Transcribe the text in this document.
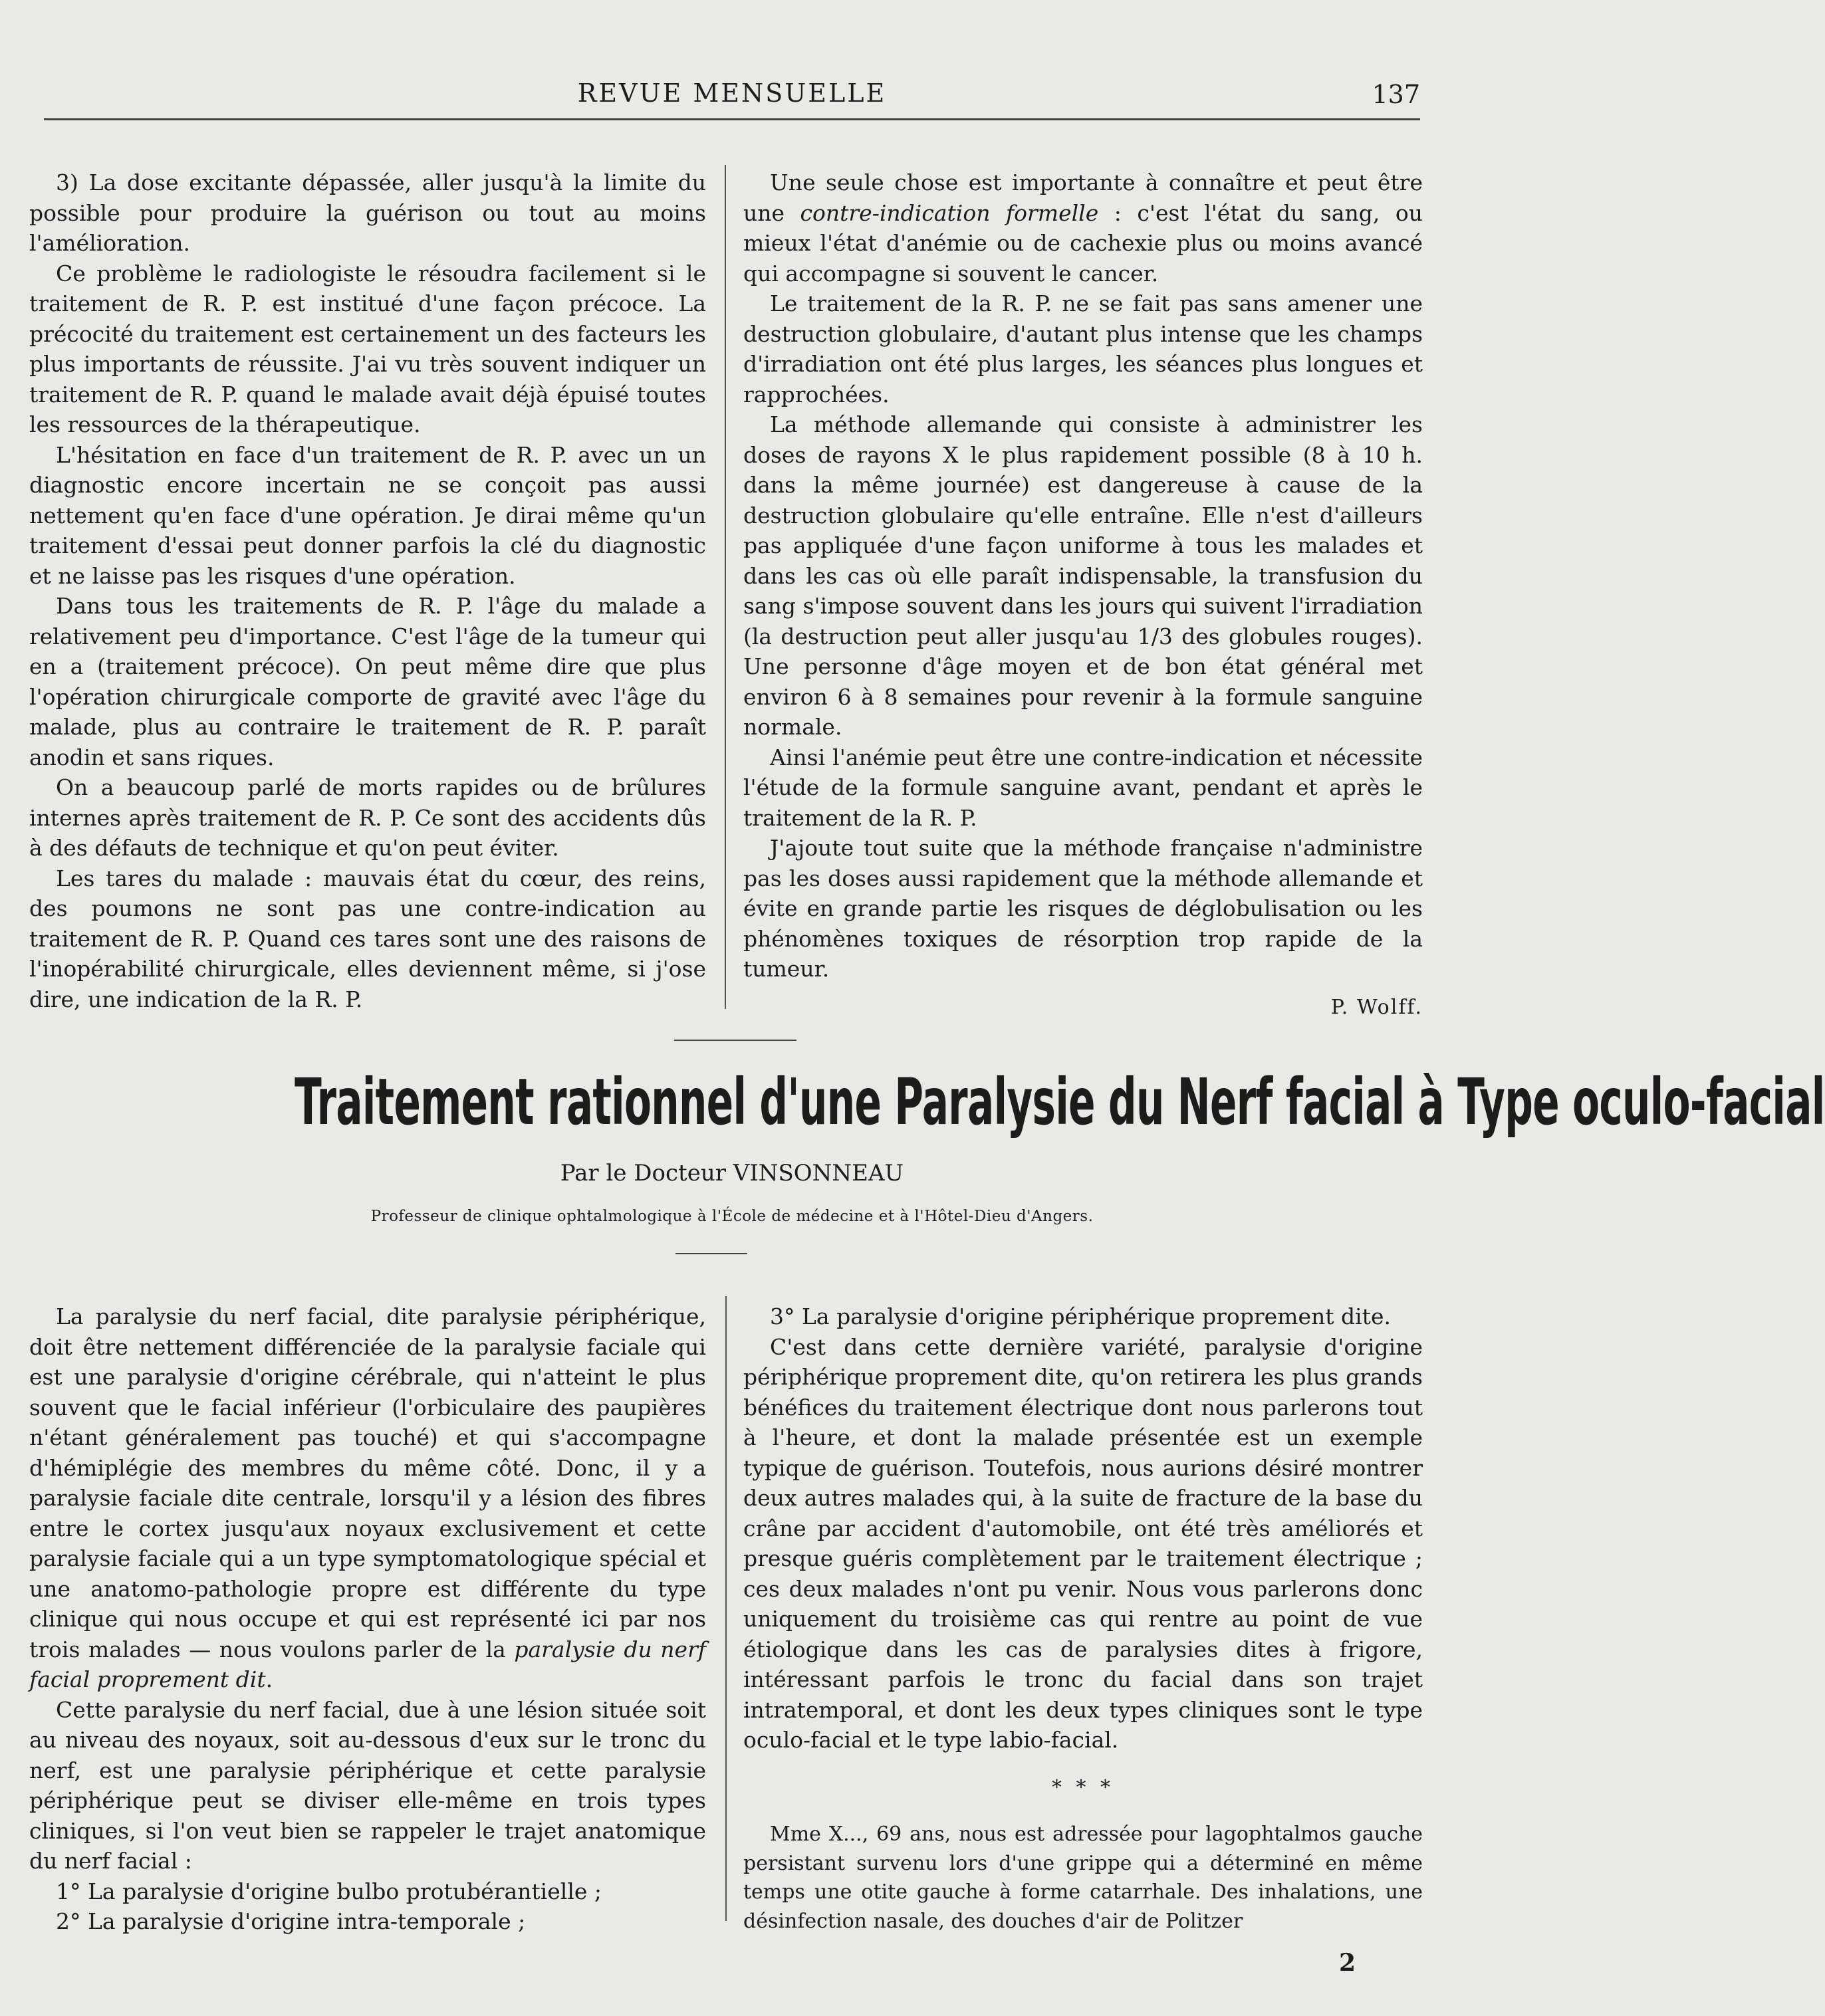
REVUE MENSUELLE	137

3) La dose excitante dépassée, aller jusqu'à la limite du possible pour produire la guérison ou tout au moins l'amélioration.

Ce problème le radiologiste le résoudra facilement si le traitement de R. P. est institué d'une façon précoce. La précocité du traitement est certainement un des facteurs les plus importants de réussite. J'ai vu très souvent indiquer un traitement de R. P. quand le malade avait déjà épuisé toutes les ressources de la thérapeutique.

L'hésitation en face d'un traitement de R. P. avec un un diagnostic encore incertain ne se conçoit pas aussi nettement qu'en face d'une opération. Je dirai même qu'un traitement d'essai peut donner parfois la clé du diagnostic et ne laisse pas les risques d'une opération.

Dans tous les traitements de R. P. l'âge du malade a relativement peu d'importance. C'est l'âge de la tumeur qui en a (traitement précoce). On peut même dire que plus l'opération chirurgicale comporte de gravité avec l'âge du malade, plus au contraire le traitement de R. P. paraît anodin et sans riques.

On a beaucoup parlé de morts rapides ou de brûlures internes après traitement de R. P. Ce sont des accidents dûs à des défauts de technique et qu'on peut éviter.

Les tares du malade : mauvais état du cœur, des reins, des poumons ne sont pas une contre-indication au traitement de R. P. Quand ces tares sont une des raisons de l'inopérabilité chirurgicale, elles deviennent même, si j'ose dire, une indication de la R. P.

Une seule chose est importante à connaître et peut être une contre-indication formelle : c'est l'état du sang, ou mieux l'état d'anémie ou de cachexie plus ou moins avancé qui accompagne si souvent le cancer.

Le traitement de la R. P. ne se fait pas sans amener une destruction globulaire, d'autant plus intense que les champs d'irradiation ont été plus larges, les séances plus longues et rapprochées.

La méthode allemande qui consiste à administrer les doses de rayons X le plus rapidement possible (8 à 10 h. dans la même journée) est dangereuse à cause de la destruction globulaire qu'elle entraîne. Elle n'est d'ailleurs pas appliquée d'une façon uniforme à tous les malades et dans les cas où elle paraît indispensable, la transfusion du sang s'impose souvent dans les jours qui suivent l'irradiation (la destruction peut aller jusqu'au 1/3 des globules rouges). Une personne d'âge moyen et de bon état général met environ 6 à 8 semaines pour revenir à la formule sanguine normale.

Ainsi l'anémie peut être une contre-indication et nécessite l'étude de la formule sanguine avant, pendant et après le traitement de la R. P.

J'ajoute tout suite que la méthode française n'administre pas les doses aussi rapidement que la méthode allemande et évite en grande partie les risques de déglobulisation ou les phénomènes toxiques de résorption trop rapide de la tumeur.

P. Wolff.
Traitement rationnel d'une Paralysie du Nerf facial à Type oculo-facial
Par le Docteur VINSONNEAU
Professeur de clinique ophtalmologique à l'École de médecine et à l'Hôtel-Dieu d'Angers.

La paralysie du nerf facial, dite paralysie périphérique, doit être nettement différenciée de la paralysie faciale qui est une paralysie d'origine cérébrale, qui n'atteint le plus souvent que le facial inférieur (l'orbiculaire des paupières n'étant généralement pas touché) et qui s'accompagne d'hémiplégie des membres du même côté. Donc, il y a paralysie faciale dite centrale, lorsqu'il y a lésion des fibres entre le cortex jusqu'aux noyaux exclusivement et cette paralysie faciale qui a un type symptomatologique spécial et une anatomo-pathologie propre est différente du type clinique qui nous occupe et qui est représenté ici par nos trois malades — nous voulons parler de la paralysie du nerf facial proprement dit.

Cette paralysie du nerf facial, due à une lésion située soit au niveau des noyaux, soit au-dessous d'eux sur le tronc du nerf, est une paralysie périphérique et cette paralysie périphérique peut se diviser elle-même en trois types cliniques, si l'on veut bien se rappeler le trajet anatomique du nerf facial :

1° La paralysie d'origine bulbo protubérantielle ;

2° La paralysie d'origine intra-temporale ;

3° La paralysie d'origine périphérique proprement dite.

C'est dans cette dernière variété, paralysie d'origine périphérique proprement dite, qu'on retirera les plus grands bénéfices du traitement électrique dont nous parlerons tout à l'heure, et dont la malade présentée est un exemple typique de guérison. Toutefois, nous aurions désiré montrer deux autres malades qui, à la suite de fracture de la base du crâne par accident d'automobile, ont été très améliorés et presque guéris complètement par le traitement électrique ; ces deux malades n'ont pu venir. Nous vous parlerons donc uniquement du troisième cas qui rentre au point de vue étiologique dans les cas de paralysies dites à frigore, intéressant parfois le tronc du facial dans son trajet intratemporal, et dont les deux types cliniques sont le type oculo-facial et le type labio-facial.

* * *

Mme X..., 69 ans, nous est adressée pour lagophtalmos gauche persistant survenu lors d'une grippe qui a déterminé en même temps une otite gauche à forme catarrhale. Des inhalations, une désinfection nasale, des douches d'air de Politzer

2
